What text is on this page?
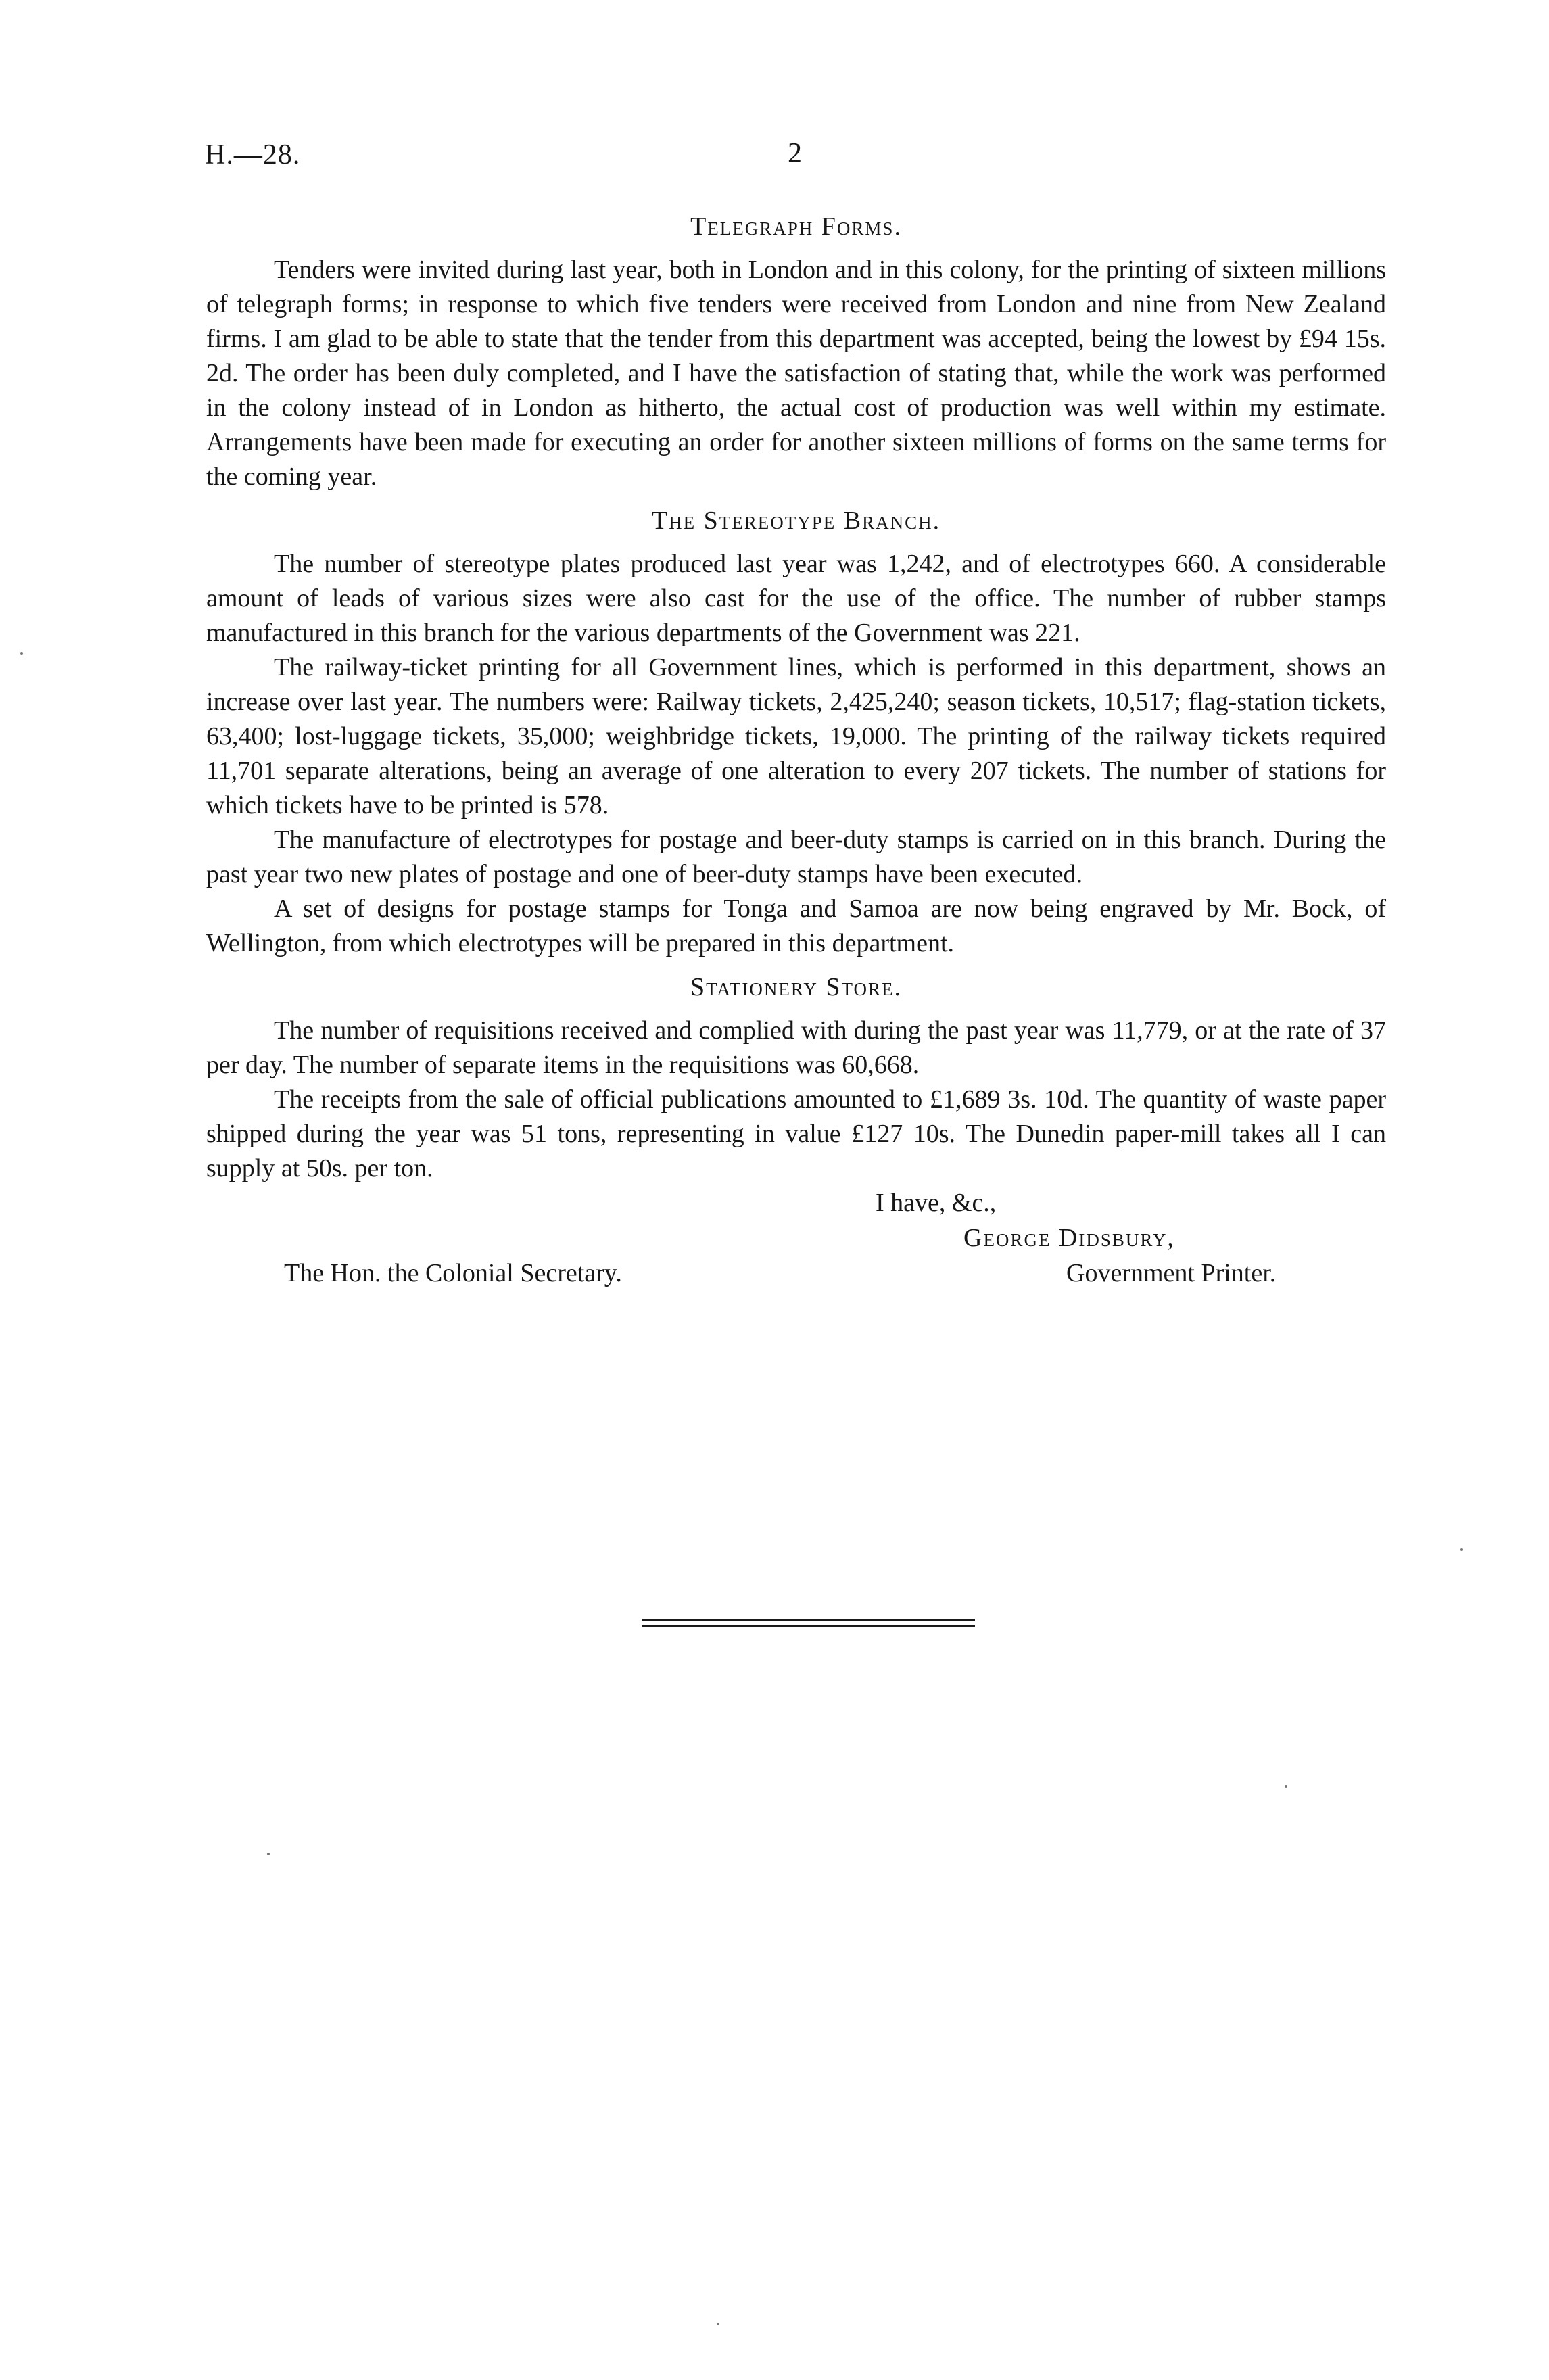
H.—28.	2

Telegraph Forms.

Tenders were invited during last year, both in London and in this colony, for the printing of sixteen millions of telegraph forms; in response to which five tenders were received from London and nine from New Zealand firms. I am glad to be able to state that the tender from this department was accepted, being the lowest by £94 15s. 2d. The order has been duly completed, and I have the satisfaction of stating that, while the work was performed in the colony instead of in London as hitherto, the actual cost of production was well within my estimate. Arrangements have been made for executing an order for another sixteen millions of forms on the same terms for the coming year.

The Stereotype Branch.

The number of stereotype plates produced last year was 1,242, and of electrotypes 660. A considerable amount of leads of various sizes were also cast for the use of the office. The number of rubber stamps manufactured in this branch for the various departments of the Government was 221.

The railway-ticket printing for all Government lines, which is performed in this department, shows an increase over last year. The numbers were: Railway tickets, 2,425,240; season tickets, 10,517; flag-station tickets, 63,400; lost-luggage tickets, 35,000; weighbridge tickets, 19,000. The printing of the railway tickets required 11,701 separate alterations, being an average of one alteration to every 207 tickets. The number of stations for which tickets have to be printed is 578.

The manufacture of electrotypes for postage and beer-duty stamps is carried on in this branch. During the past year two new plates of postage and one of beer-duty stamps have been executed.

A set of designs for postage stamps for Tonga and Samoa are now being engraved by Mr. Bock, of Wellington, from which electrotypes will be prepared in this department.

Stationery Store.

The number of requisitions received and complied with during the past year was 11,779, or at the rate of 37 per day. The number of separate items in the requisitions was 60,668.

The receipts from the sale of official publications amounted to £1,689 3s. 10d. The quantity of waste paper shipped during the year was 51 tons, representing in value £127 10s. The Dunedin paper-mill takes all I can supply at 50s. per ton.

I have, &c.,
George Didsbury,
The Hon. the Colonial Secretary.	Government Printer.
